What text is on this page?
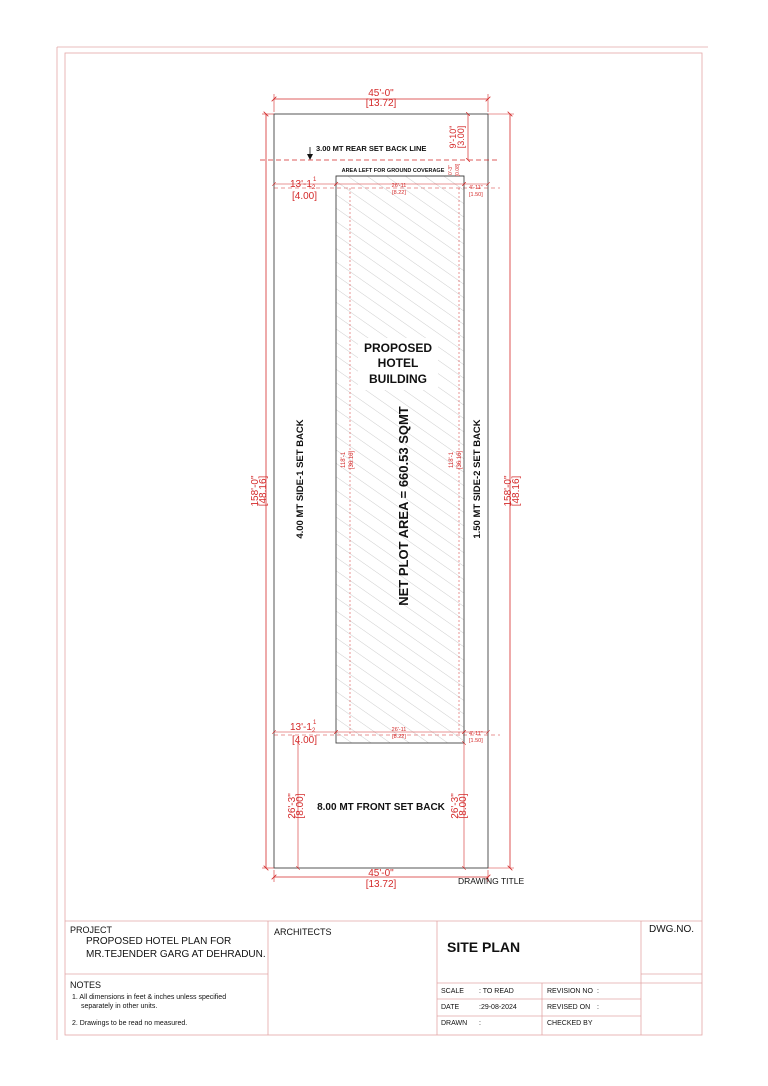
45'-0"
[13.72]
45'-0"
[13.72]
158'-0"
[48.16]	158'-0"
[48.16]
3.00 MT REAR SET BACK LINE
9'-10"
[3.00]
AREA LEFT FOR GROUND COVERAGE 0'-3" [0.08]
13'-1 1
2
[4.00]
26'-11
[8.22]
4'-11"
[1.50]
PROPOSED
HOTEL
BUILDING
NET PLOT AREA = 660.53 SQMT
4.00 MT SIDE-1 SET BACK	1.50 MT SIDE-2 SET BACK
118'-1 [36.16]	118'-1 [36.16]
13'-1 1
2
[4.00]
26'-11
[8.22]	4'-11"
[1.50]
8.00 MT FRONT SET BACK
26'-3"
[8.00]	26'-3"
[8.00]
DRAWING TITLE
PROJECT
PROPOSED HOTEL PLAN FOR
MR.TEJENDER GARG AT DEHRADUN.
ARCHITECTS
SITE PLAN
DWG.NO.
NOTES
1. All dimensions in feet & inches unless specified
separately in other units.
2. Drawings to be read no measured.
SCALE : TO READ
DATE	:29-08-2024
DRAWN :
REVISION NO :
REVISED ON :
CHECKED BY
